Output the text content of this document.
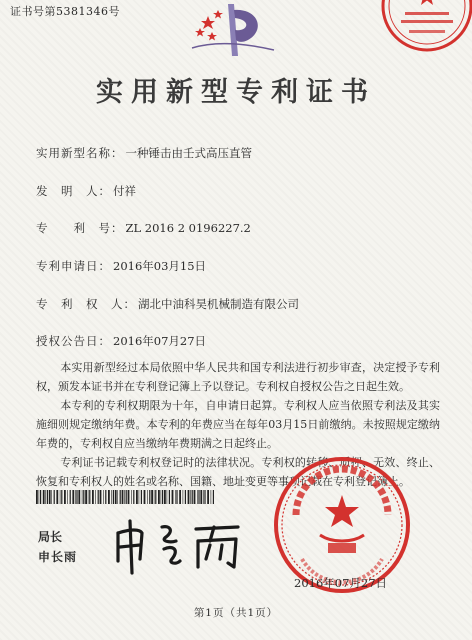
证书号第5381346号
实用新型专利证书
实用新型名称： 一种锤击由壬式高压直管
发　明　人： 付祥
专　　利　号： ZL 2016 2 0196227.2
专利申请日： 2016年03月15日
专　利　权　人： 湖北中油科昊机械制造有限公司
授权公告日： 2016年07月27日

本实用新型经过本局依照中华人民共和国专利法进行初步审查，决定授予专利权，颁发本证书并在专利登记簿上予以登记。专利权自授权公告之日起生效。

本专利的专利权期限为十年，自申请日起算。专利权人应当依照专利法及其实施细则规定缴纳年费。本专利的年费应当在每年03月15日前缴纳。未按照规定缴纳年费的，专利权自应当缴纳年费期满之日起终止。

专利证书记载专利权登记时的法律状况。专利权的转移、质押、无效、终止、恢复和专利权人的姓名或名称、国籍、地址变更等事项记载在专利登记簿上。

局长
申长雨
2016年07月27日
第1页（共1页）
